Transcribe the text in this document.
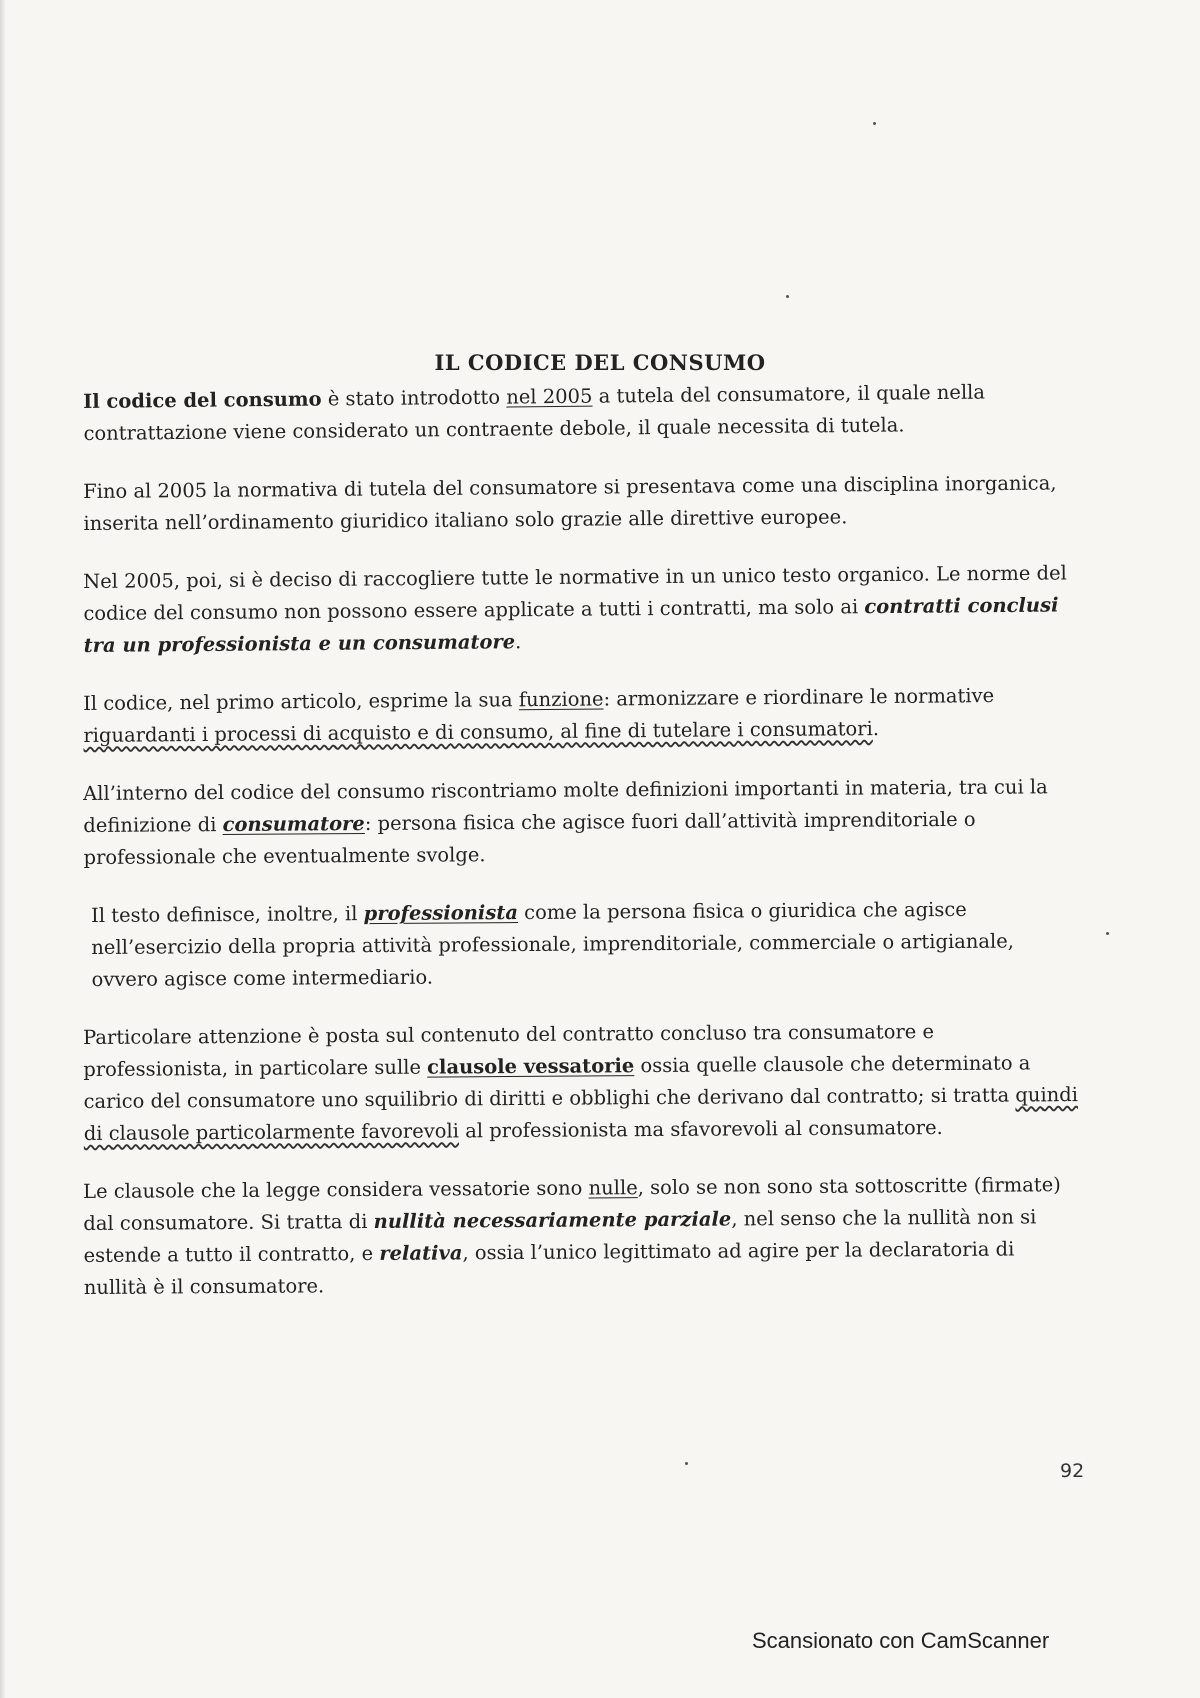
IL CODICE DEL CONSUMO

Il codice del consumo è stato introdotto nel 2005 a tutela del consumatore, il quale nella contrattazione viene considerato un contraente debole, il quale necessita di tutela.

Fino al 2005 la normativa di tutela del consumatore si presentava come una disciplina inorganica, inserita nell’ordinamento giuridico italiano solo grazie alle direttive europee.

Nel 2005, poi, si è deciso di raccogliere tutte le normative in un unico testo organico. Le norme del codice del consumo non possono essere applicate a tutti i contratti, ma solo ai contratti conclusi tra un professionista e un consumatore.

Il codice, nel primo articolo, esprime la sua funzione: armonizzare e riordinare le normative riguardanti i processi di acquisto e di consumo, al fine di tutelare i consumatori.

All’interno del codice del consumo riscontriamo molte definizioni importanti in materia, tra cui la definizione di consumatore: persona fisica che agisce fuori dall’attività imprenditoriale o professionale che eventualmente svolge.

Il testo definisce, inoltre, il professionista come la persona fisica o giuridica che agisce nell’esercizio della propria attività professionale, imprenditoriale, commerciale o artigianale, ovvero agisce come intermediario.

Particolare attenzione è posta sul contenuto del contratto concluso tra consumatore e professionista, in particolare sulle clausole vessatorie ossia quelle clausole che determinato a carico del consumatore uno squilibrio di diritti e obblighi che derivano dal contratto; si tratta quindi di clausole particolarmente favorevoli al professionista ma sfavorevoli al consumatore.

Le clausole che la legge considera vessatorie sono nulle, solo se non sono sta sottoscritte (firmate) dal consumatore. Si tratta di nullità necessariamente parziale, nel senso che la nullità non si estende a tutto il contratto, e relativa, ossia l’unico legittimato ad agire per la declaratoria di nullità è il consumatore.

92
Scansionato con CamScanner
